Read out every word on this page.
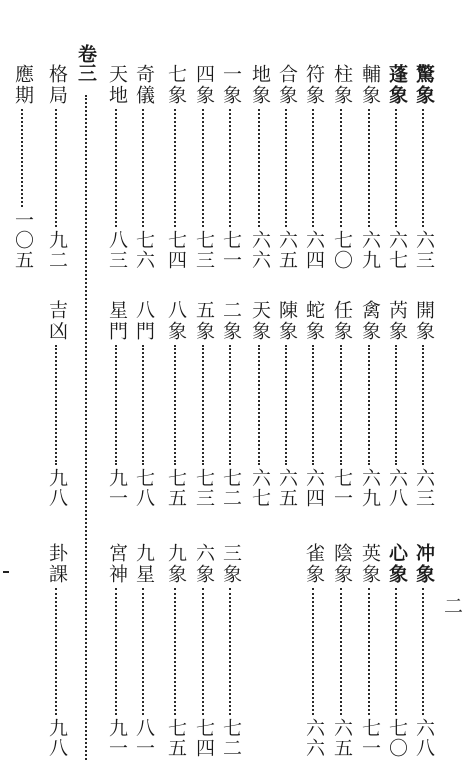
驚象
六三
開象
六三
冲象
六八
蓬象
六七
芮象
六八
心象
七〇
輔象
六九
禽象
六九
英象
七一
柱象
七〇
任象
七一
陰象
六五
符象
六四
蛇象
六四
雀象
六六
合象
六五
陳象
六五
地象
六六
天象
六七
一象
七一
二象
七二
三象
七二
四象
七三
五象
七三
六象
七四
七象
七四
八象
七五
九象
七五
奇儀
七六
八門
七八
九星
八一
天地
八三
星門
九一
宮神
九一
格局
九二
吉凶
九八
卦課
九八
應期
一〇五
卷三
二
